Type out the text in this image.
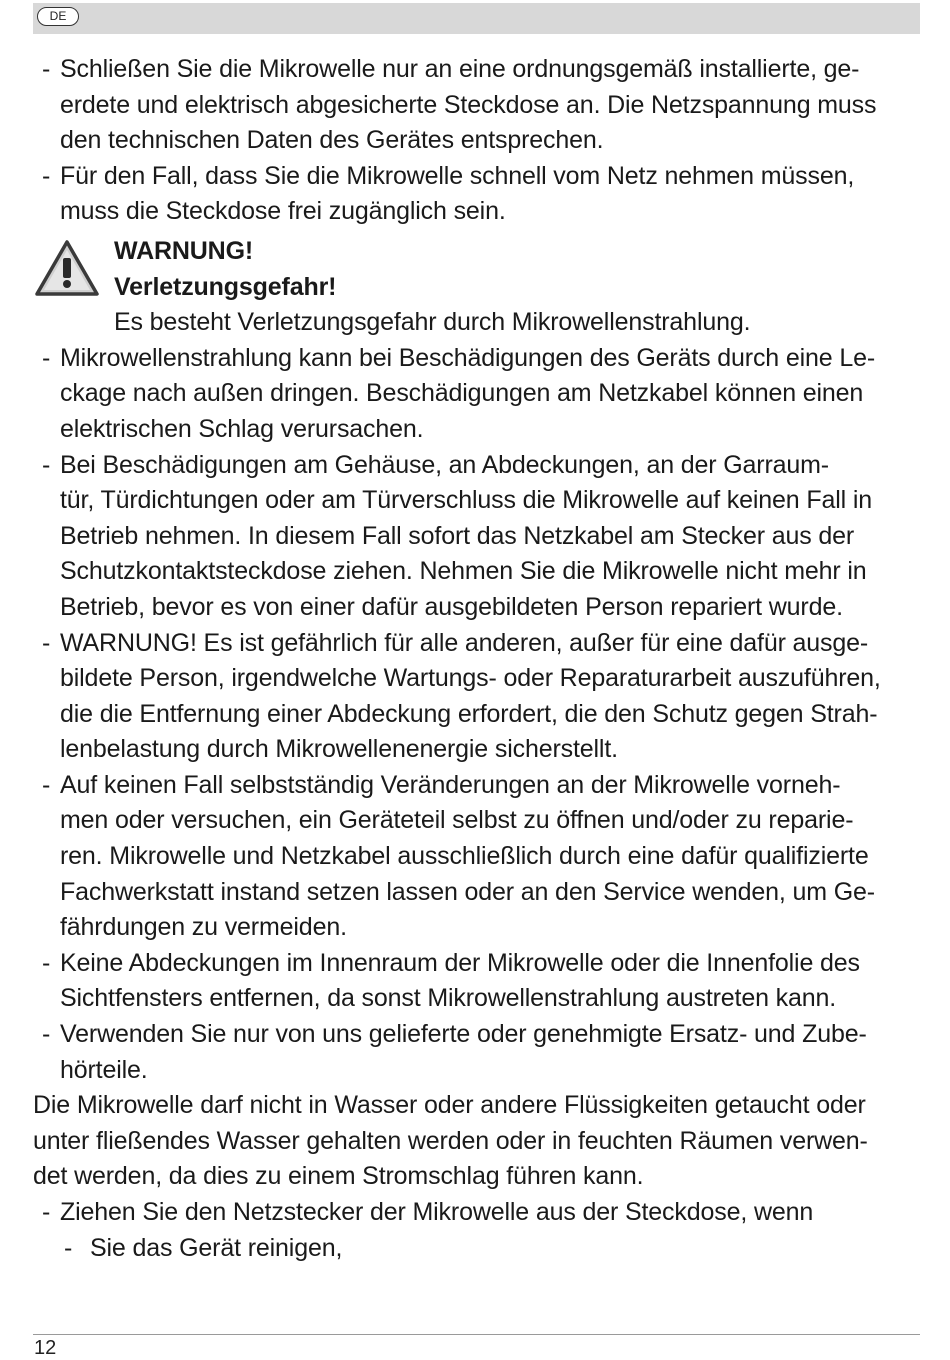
DE
- Schließen Sie die Mikrowelle nur an eine ordnungsgemäß installierte, ge-
erdete und elektrisch abgesicherte Steckdose an. Die Netzspannung muss
den technischen Daten des Gerätes entsprechen.
- Für den Fall, dass Sie die Mikrowelle schnell vom Netz nehmen müssen,
muss die Steckdose frei zugänglich sein.
WARNUNG!
Verletzungsgefahr!
Es besteht Verletzungsgefahr durch Mikrowellenstrahlung.
- Mikrowellenstrahlung kann bei Beschädigungen des Geräts durch eine Le-
ckage nach außen dringen. Beschädigungen am Netzkabel können einen
elektrischen Schlag verursachen.
- Bei Beschädigungen am Gehäuse, an Abdeckungen, an der Garraum-
tür, Türdichtungen oder am Türverschluss die Mikrowelle auf keinen Fall in
Betrieb nehmen. In diesem Fall sofort das Netzkabel am Stecker aus der
Schutzkontaktsteckdose ziehen. Nehmen Sie die Mikrowelle nicht mehr in
Betrieb, bevor es von einer dafür ausgebildeten Person repariert wurde.
- WARNUNG! Es ist gefährlich für alle anderen, außer für eine dafür ausge-
bildete Person, irgendwelche Wartungs- oder Reparaturarbeit auszuführen,
die die Entfernung einer Abdeckung erfordert, die den Schutz gegen Strah-
lenbelastung durch Mikrowellenenergie sicherstellt.
- Auf keinen Fall selbstständig Veränderungen an der Mikrowelle vorneh-
men oder versuchen, ein Geräteteil selbst zu öffnen und/oder zu reparie-
ren. Mikrowelle und Netzkabel ausschließlich durch eine dafür qualifizierte
Fachwerkstatt instand setzen lassen oder an den Service wenden, um Ge-
fährdungen zu vermeiden.
- Keine Abdeckungen im Innenraum der Mikrowelle oder die Innenfolie des
Sichtfensters entfernen, da sonst Mikrowellenstrahlung austreten kann.
- Verwenden Sie nur von uns gelieferte oder genehmigte Ersatz- und Zube-
hörteile.
Die Mikrowelle darf nicht in Wasser oder andere Flüssigkeiten getaucht oder
unter fließendes Wasser gehalten werden oder in feuchten Räumen verwen-
det werden, da dies zu einem Stromschlag führen kann.
- Ziehen Sie den Netzstecker der Mikrowelle aus der Steckdose, wenn
- Sie das Gerät reinigen,
12
